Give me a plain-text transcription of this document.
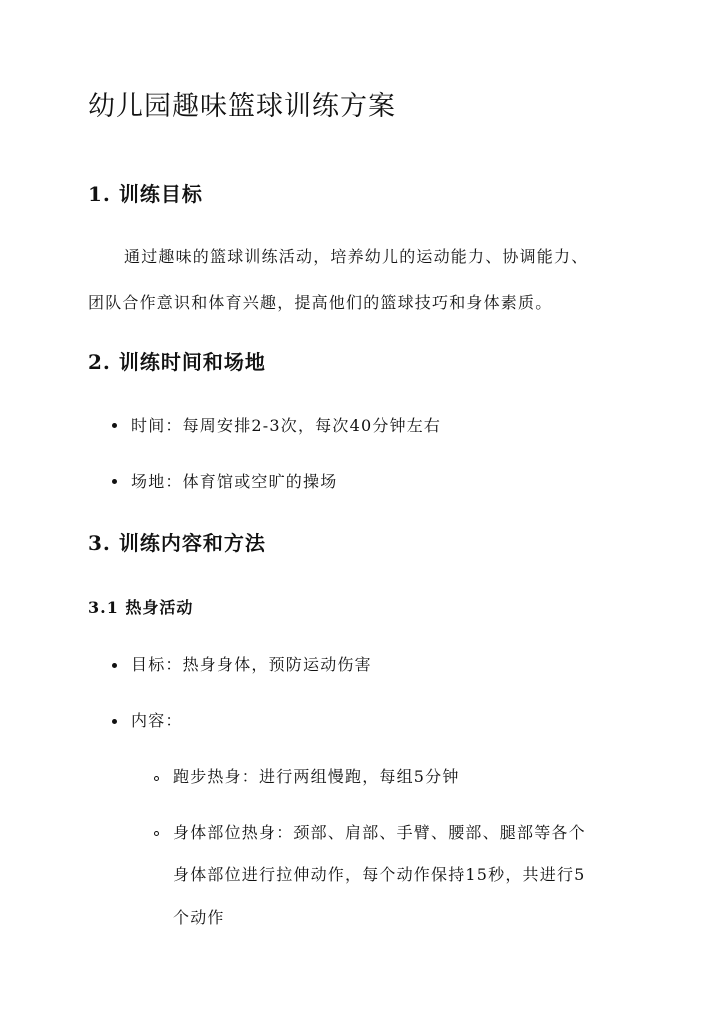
幼儿园趣味篮球训练方案
1. 训练目标
通过趣味的篮球训练活动，培养幼儿的运动能力、协调能力、
团队合作意识和体育兴趣，提高他们的篮球技巧和身体素质。
2. 训练时间和场地
时间：每周安排2-3次，每次40分钟左右
场地：体育馆或空旷的操场
3. 训练内容和方法
3.1 热身活动
目标：热身身体，预防运动伤害
内容：
跑步热身：进行两组慢跑，每组5分钟
身体部位热身：颈部、肩部、手臂、腰部、腿部等各个
身体部位进行拉伸动作，每个动作保持15秒，共进行5
个动作
